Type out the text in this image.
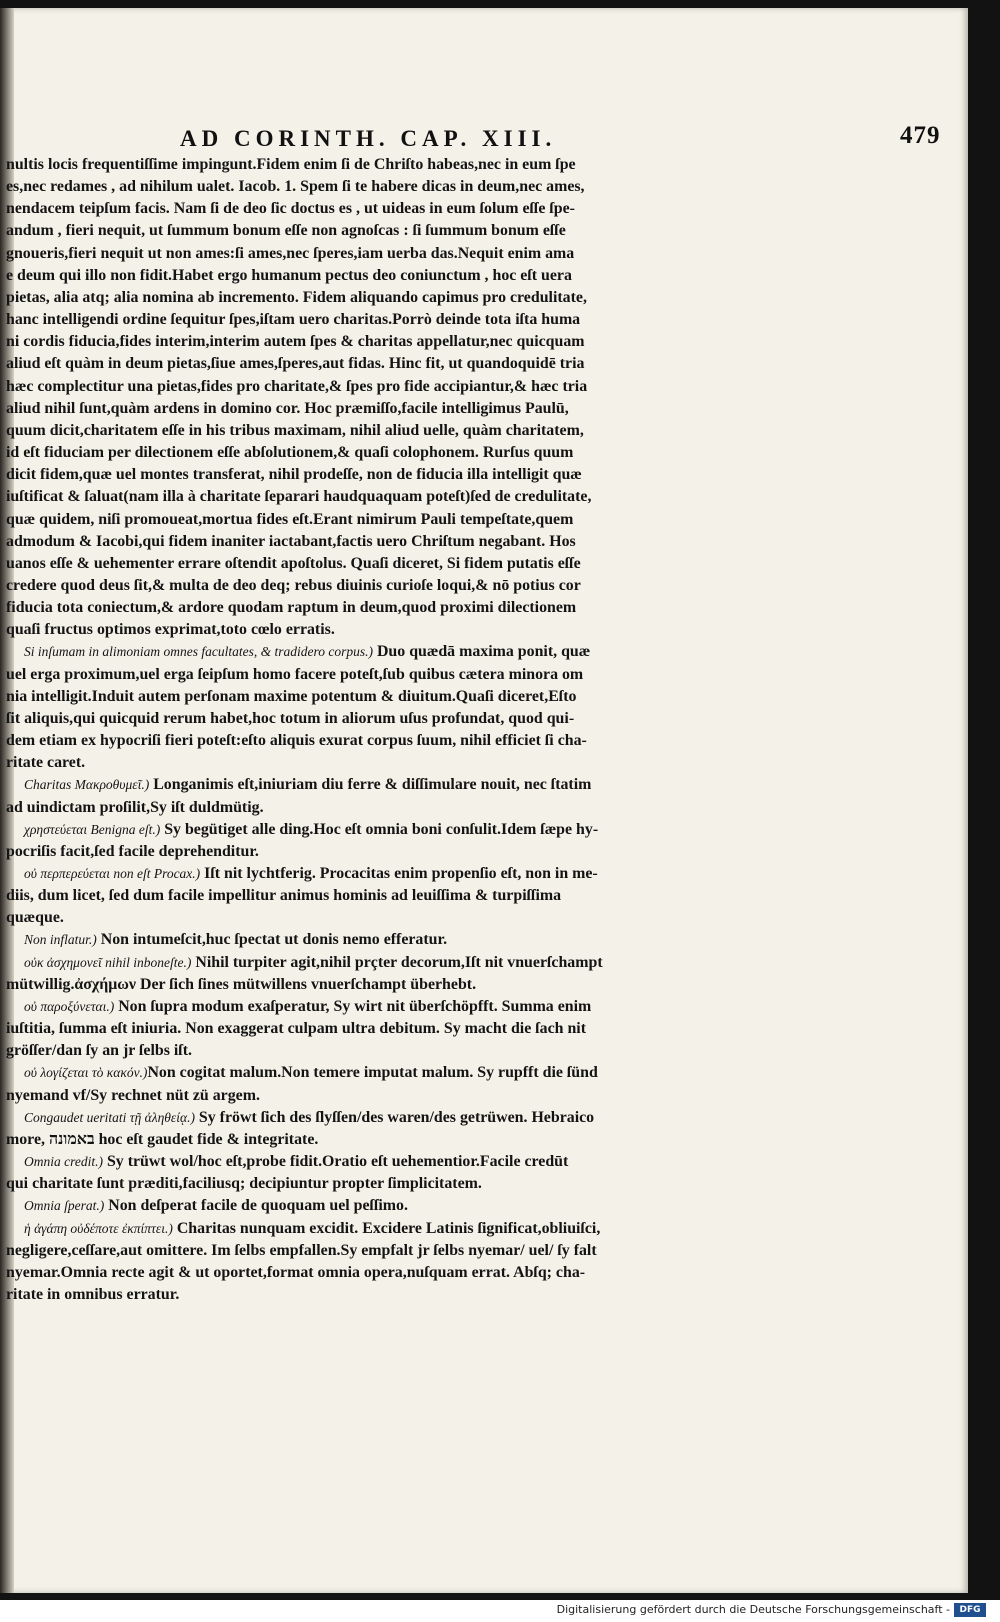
AD CORINTH. CAP. XIII.	479
nultis locis frequentiſſime impingunt.Fidem enim ſi de Chriſto habeas,nec in eum ſpe
es,nec redames , ad nihilum ualet. Iacob. 1. Spem ſi te habere dicas in deum,nec ames,
nendacem teipſum facis. Nam ſi de deo ſic doctus es , ut uideas in eum ſolum eſſe ſpe-
andum , fieri nequit, ut ſummum bonum eſſe non agnoſcas : ſi ſummum bonum eſſe
gnoueris,fieri nequit ut non ames:ſi ames,nec ſperes,iam uerba das.Nequit enim ama
e deum qui illo non fidit.Habet ergo humanum pectus deo coniunctum , hoc eſt uera
pietas, alia atq; alia nomina ab incremento. Fidem aliquando capimus pro credulitate,
hanc intelligendi ordine ſequitur ſpes,iſtam uero charitas.Porrò deinde tota iſta huma
ni cordis fiducia,fides interim,interim autem ſpes & charitas appellatur,nec quicquam
aliud eſt quàm in deum pietas,ſiue ames,ſperes,aut fidas. Hinc fit, ut quandoquidē tria
hæc complectitur una pietas,fides pro charitate,& ſpes pro fide accipiantur,& hæc tria
aliud nihil ſunt,quàm ardens in domino cor. Hoc præmiſſo,facile intelligimus Paulū,
quum dicit,charitatem eſſe in his tribus maximam, nihil aliud uelle, quàm charitatem,
id eſt fiduciam per dilectionem eſſe abſolutionem,& quaſi colophonem. Rurſus quum
dicit fidem,quæ uel montes transferat, nihil prodeſſe, non de fiducia illa intelligit quæ
iuſtificat & ſaluat(nam illa à charitate ſeparari haudquaquam poteſt)ſed de credulitate,
quæ quidem, niſi promoueat,mortua fides eſt.Erant nimirum Pauli tempeſtate,quem
admodum & Iacobi,qui fidem inaniter iactabant,factis uero Chriſtum negabant. Hos
uanos eſſe & uehementer errare oſtendit apoſtolus. Quaſi diceret, Si fidem putatis eſſe
credere quod deus ſit,& multa de deo deq; rebus diuinis curioſe loqui,& nō potius cor
fiducia tota coniectum,& ardore quodam raptum in deum,quod proximi dilectionem
quaſi fructus optimos exprimat,toto cœlo erratis.
Si inſumam in alimoniam omnes facultates, & tradidero corpus.) Duo quædā maxima ponit, quæ
uel erga proximum,uel erga ſeipſum homo facere poteſt,ſub quibus cætera minora om
nia intelligit.Induit autem perſonam maxime potentum & diuitum.Quaſi diceret,Eſto
ſit aliquis,qui quicquid rerum habet,hoc totum in aliorum uſus profundat, quod qui-
dem etiam ex hypocriſi fieri poteſt:eſto aliquis exurat corpus ſuum, nihil efficiet ſi cha-
ritate caret.
Charitas Μακροθυμεῖ.) Longanimis eſt,iniuriam diu ferre & diſſimulare nouit, nec ſtatim
ad uindictam proſilit,Sy iſt duldmütig.
χρηστεύεται Benigna eſt.) Sy begütiget alle ding.Hoc eſt omnia boni conſulit.Idem ſæpe hy-
pocriſis facit,ſed facile deprehenditur.
οὐ περπερεύεται non eſt Procax.) Iſt nit lychtferig. Procacitas enim propenſio eſt, non in me-
diis, dum licet, ſed dum facile impellitur animus hominis ad leuiſſima & turpiſſima
quæque.
Non inflatur.) Non intumeſcit,huc ſpectat ut donis nemo efferatur.
οὐκ ἀσχημονεῖ nihil inboneſte.) Nihil turpiter agit,nihil prçter decorum,Iſt nit vnuerſchampt
mütwillig.ἀσχήμων Der ſich ſines mütwillens vnuerſchampt überhebt.
οὐ παροξύνεται.) Non ſupra modum exaſperatur, Sy wirt nit überſchöpfft. Summa enim
iuſtitia, ſumma eſt iniuria. Non exaggerat culpam ultra debitum. Sy macht die ſach nit
gröſſer/dan ſy an jr ſelbs iſt.
οὐ λογίζεται τὸ κακόν.)Non cogitat malum.Non temere imputat malum. Sy rupfft die ſünd
nyemand vf/Sy rechnet nüt zü argem.
Congaudet ueritati τῇ ἀληθείᾳ.) Sy fröwt ſich des ſlyſſen/des waren/des getrüwen. Hebraico
more, באמונה hoc eſt gaudet fide & integritate.
Omnia credit.) Sy trüwt wol/hoc eſt,probe fidit.Oratio eſt uehementior.Facile credūt
qui charitate ſunt præditi,faciliusq; decipiuntur propter ſimplicitatem.
Omnia ſperat.) Non deſperat facile de quoquam uel peſſimo.
ἡ ἀγάπη οὐδέποτε ἐκπίπτει.) Charitas nunquam excidit. Excidere Latinis ſignificat,obliuiſci,
negligere,ceſſare,aut omittere. Im ſelbs empfallen.Sy empfalt jr ſelbs nyemar/ uel/ ſy falt
nyemar.Omnia recte agit & ut oportet,format omnia opera,nuſquam errat. Abſq; cha-
ritate in omnibus erratur.
Digitalisierung gefördert durch die Deutsche Forschungsgemeinschaft -	DFG
